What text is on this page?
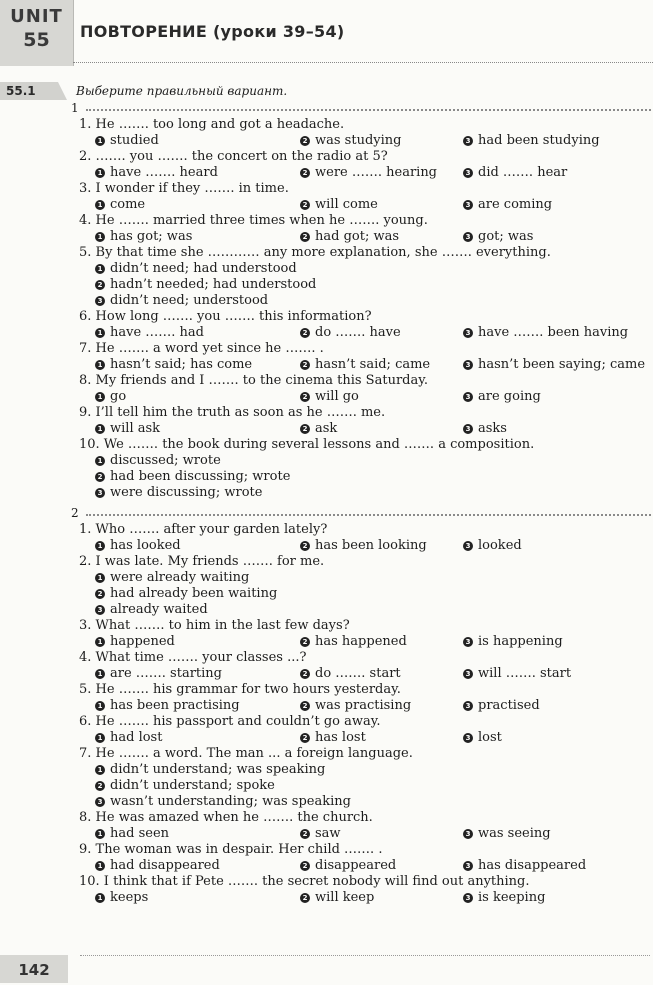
UNIT
55	ПОВТОРЕНИЕ (уроки 39–54)
55.1	Выберите правильный вариант.
1
1. He ……. too long and got a headache.
1 studied	2 was studying	3 had been studying
2. ……. you ……. the concert on the radio at 5?
1 have ……. heard	2 were ……. hearing	3 did ……. hear
3. I wonder if they ……. in time.
1 come	2 will come	3 are coming
4. He ……. married three times when he ……. young.
1 has got; was	2 had got; was	3 got; was
5. By that time she ………… any more explanation, she ……. everything.
1 didn’t need; had understood
2 hadn’t needed; had understood
3 didn’t need; understood
6. How long ……. you ……. this information?
1 have ……. had	2 do ……. have	3 have ……. been having
7. He ……. a word yet since he ……. .
1 hasn’t said; has come	2 hasn’t said; came	3 hasn’t been saying; came
8. My friends and I ……. to the cinema this Saturday.
1 go	2 will go	3 are going
9. I’ll tell him the truth as soon as he ……. me.
1 will ask	2 ask	3 asks
10. We ……. the book during several lessons and ……. a composition.
1 discussed; wrote
2 had been discussing; wrote
3 were discussing; wrote
2
1. Who ……. after your garden lately?
1 has looked	2 has been looking	3 looked
2. I was late. My friends ……. for me.
1 were already waiting
2 had already been waiting
3 already waited
3. What ……. to him in the last few days?
1 happened	2 has happened	3 is happening
4. What time ……. your classes ...?
1 are ……. starting	2 do ……. start	3 will ……. start
5. He ……. his grammar for two hours yesterday.
1 has been practising	2 was practising	3 practised
6. He ……. his passport and couldn’t go away.
1 had lost	2 has lost	3 lost
7. He ……. a word. The man ... a foreign language.
1 didn’t understand; was speaking
2 didn’t understand; spoke
3 wasn’t understanding; was speaking
8. He was amazed when he ……. the church.
1 had seen	2 saw	3 was seeing
9. The woman was in despair. Her child ……. .
1 had disappeared	2 disappeared	3 has disappeared
10. I think that if Pete ……. the secret nobody will find out anything.
1 keeps	2 will keep	3 is keeping
142
